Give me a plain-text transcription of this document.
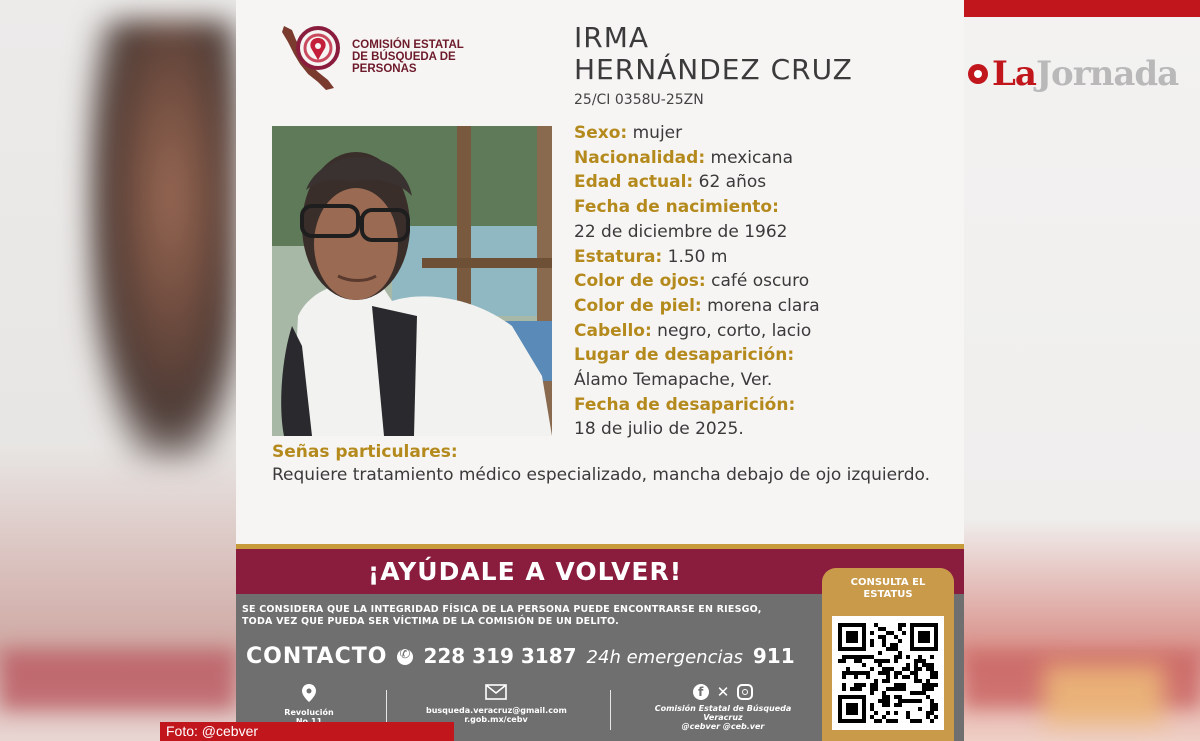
LaJornada
COMISIÓN ESTATAL
DE BÚSQUEDA DE
PERSONAS
IRMA
HERNÁNDEZ CRUZ
25/CI 0358U-25ZN
Sexo: mujer
Nacionalidad: mexicana
Edad actual: 62 años
Fecha de nacimiento:
22 de diciembre de 1962
Estatura: 1.50 m
Color de ojos: café oscuro
Color de piel: morena clara
Cabello: negro, corto, lacio
Lugar de desaparición:
Álamo Temapache, Ver.
Fecha de desaparición:
18 de julio de 2025.
Señas particulares:
Requiere tratamiento médico especializado, mancha debajo de ojo izquierdo.
¡AYÚDALE A VOLVER!
SE CONSIDERA QUE LA INTEGRIDAD FÍSICA DE LA PERSONA PUEDE ENCONTRARSE EN RIESGO,
TODA VEZ QUE PUEDA SER VÍCTIMA DE LA COMISIÓN DE UN DELITO.
CONTACTO
✆ 228 319 3187 24h emergencias 911
Revolución	busqueda.veracruz@gmail.com
r.gob.mx/cebv
f ✕
Comisión Estatal de Búsqueda Veracruz
@cebver @ceb.ver
CONSULTA EL
ESTATUS
Foto: @cebver
